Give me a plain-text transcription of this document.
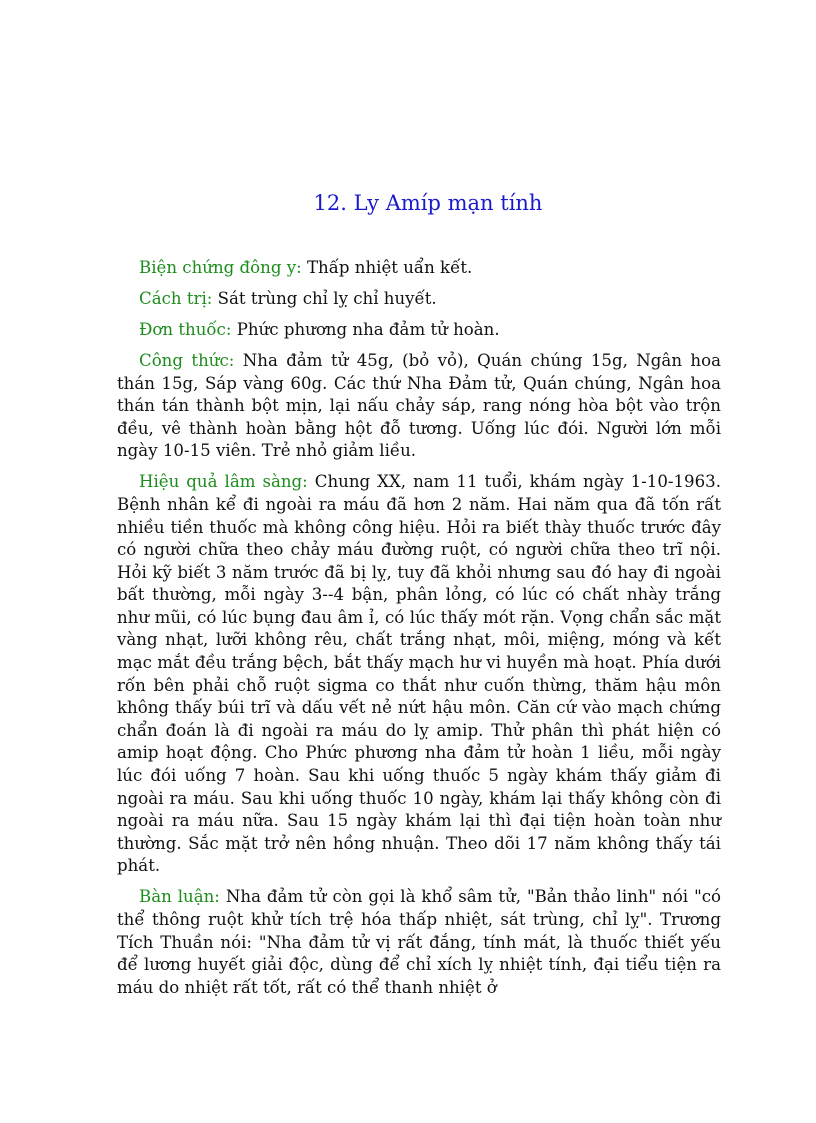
12. Ly Amíp mạn tính

Biện chứng đông y: Thấp nhiệt uẩn kết.

Cách trị: Sát trùng chỉ lỵ chỉ huyết.

Đơn thuốc: Phức phương nha đảm tử hoàn.

Công thức: Nha đảm tử 45g, (bỏ vỏ), Quán chúng 15g, Ngân hoa thán 15g, Sáp vàng 60g. Các thứ Nha Đảm tử, Quán chúng, Ngân hoa thán tán thành bột mịn, lại nấu chảy sáp, rang nóng hòa bột vào trộn đều, vê thành hoàn bằng hột đỗ tương. Uống lúc đói. Người lớn mỗi ngày 10-15 viên. Trẻ nhỏ giảm liều.

Hiệu quả lâm sàng: Chung XX, nam 11 tuổi, khám ngày 1-10-1963. Bệnh nhân kể đi ngoài ra máu đã hơn 2 năm. Hai năm qua đã tốn rất nhiều tiền thuốc mà không công hiệu. Hỏi ra biết thày thuốc trước đây có người chữa theo chảy máu đường ruột, có người chữa theo trĩ nội. Hỏi kỹ biết 3 năm trước đã bị lỵ, tuy đã khỏi nhưng sau đó hay đi ngoài bất thường, mỗi ngày 3--4 bận, phân lỏng, có lúc có chất nhày trắng như mũi, có lúc bụng đau âm ỉ, có lúc thấy mót rặn. Vọng chẩn sắc mặt vàng nhạt, lưỡi không rêu, chất trắng nhạt, môi, miệng, móng và kết mạc mắt đều trắng bệch, bắt thấy mạch hư vi huyền mà hoạt. Phía dưới rốn bên phải chỗ ruột sigma co thắt như cuốn thừng, thăm hậu môn không thấy búi trĩ và dấu vết nẻ nứt hậu môn. Căn cứ vào mạch chứng chẩn đoán là đi ngoài ra máu do lỵ amip. Thử phân thì phát hiện có amip hoạt động. Cho Phức phương nha đảm tử hoàn 1 liều, mỗi ngày lúc đói uống 7 hoàn. Sau khi uống thuốc 5 ngày khám thấy giảm đi ngoài ra máu. Sau khi uống thuốc 10 ngày, khám lại thấy không còn đi ngoài ra máu nữa. Sau 15 ngày khám lại thì đại tiện hoàn toàn như thường. Sắc mặt trở nên hồng nhuận. Theo dõi 17 năm không thấy tái phát.

Bàn luận: Nha đảm tử còn gọi là khổ sâm tử, "Bản thảo linh" nói "có thể thông ruột khử tích trệ hóa thấp nhiệt, sát trùng, chỉ lỵ". Trương Tích Thuần nói: "Nha đảm tử vị rất đắng, tính mát, là thuốc thiết yếu để lương huyết giải độc, dùng để chỉ xích lỵ nhiệt tính, đại tiểu tiện ra máu do nhiệt rất tốt, rất có thể thanh nhiệt ở
